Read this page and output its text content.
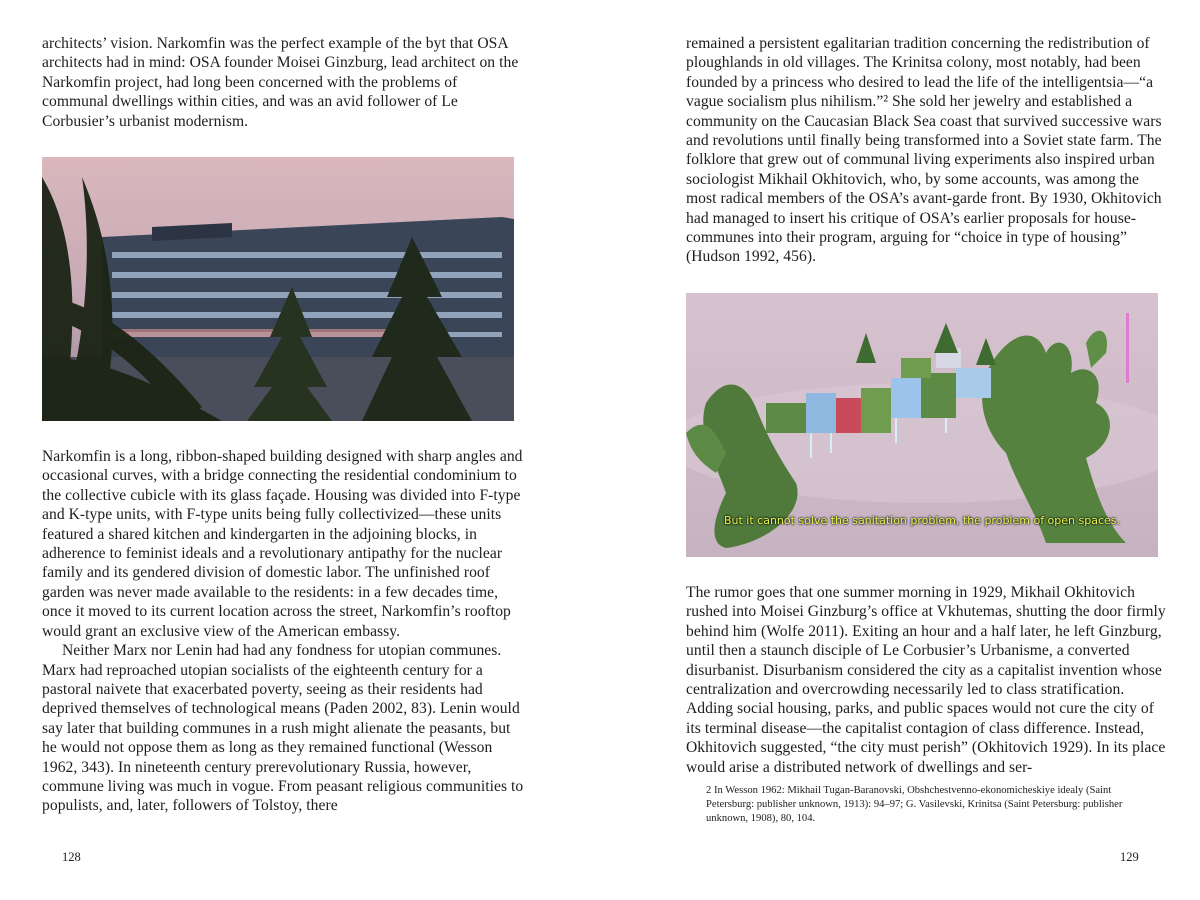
architects’ vision. Narkomfin was the perfect example of the byt that OSA architects had in mind: OSA founder Moisei Ginzburg, lead architect on the Narkomfin project, had long been concerned with the problems of communal dwellings within cities, and was an avid follower of Le Corbusier’s urbanist modernism.

Narkomfin is a long, ribbon-shaped building designed with sharp angles and occasional curves, with a bridge connecting the residential condominium to the collective cubicle with its glass façade. Housing was divided into F-type and K-type units, with F-type units being fully collectivized—these units featured a shared kitchen and kindergarten in the adjoining blocks, in adherence to feminist ideals and a revolutionary antipathy for the nuclear family and its gendered division of domestic labor. The unfinished roof garden was never made available to the residents: in a few decades time, once it moved to its current location across the street, Narkomfin’s rooftop would grant an exclusive view of the American embassy.

Neither Marx nor Lenin had had any fondness for utopian communes. Marx had reproached utopian socialists of the eighteenth century for a pastoral naivete that exacerbated poverty, seeing as their residents had deprived themselves of technological means (Paden 2002, 83). Lenin would say later that building communes in a rush might alienate the peasants, but he would not oppose them as long as they remained functional (Wesson 1962, 343). In nineteenth century prerevolutionary Russia, however, commune living was much in vogue. From peasant religious communities to populists, and, later, followers of Tolstoy, there

remained a persistent egalitarian tradition concerning the redistribution of ploughlands in old villages. The Krinitsa colony, most notably, had been founded by a princess who desired to lead the life of the intelligentsia—“a vague socialism plus nihilism.”² She sold her jewelry and established a community on the Caucasian Black Sea coast that survived successive wars and revolutions until finally being transformed into a Soviet state farm. The folklore that grew out of communal living experiments also inspired urban sociologist Mikhail Okhitovich, who, by some accounts, was among the most radical members of the OSA’s avant-garde front. By 1930, Okhitovich had managed to insert his critique of OSA’s earlier proposals for house-communes into their program, arguing for “choice in type of housing” (Hudson 1992, 456).

But it cannot solve the sanitation problem, the problem of open spaces.

The rumor goes that one summer morning in 1929, Mikhail Okhitovich rushed into Moisei Ginzburg’s office at Vkhutemas, shutting the door firmly behind him (Wolfe 2011). Exiting an hour and a half later, he left Ginzburg, until then a staunch disciple of Le Corbusier’s Urbanisme, a converted disurbanist. Disurbanism considered the city as a capitalist invention whose centralization and overcrowding necessarily led to class stratification. Adding social housing, parks, and public spaces would not cure the city of its terminal disease—the capitalist contagion of class difference. Instead, Okhitovich suggested, “the city must perish” (Okhitovich 1929). In its place would arise a distributed network of dwellings and ser-

2 In Wesson 1962: Mikhail Tugan-Baranovski, Obshchestvenno-ekonomicheskiye idealy (Saint Petersburg: publisher unknown, 1913): 94–97; G. Vasilevski, Krinitsa (Saint Petersburg: publisher unknown, 1908), 80, 104.
128	129
